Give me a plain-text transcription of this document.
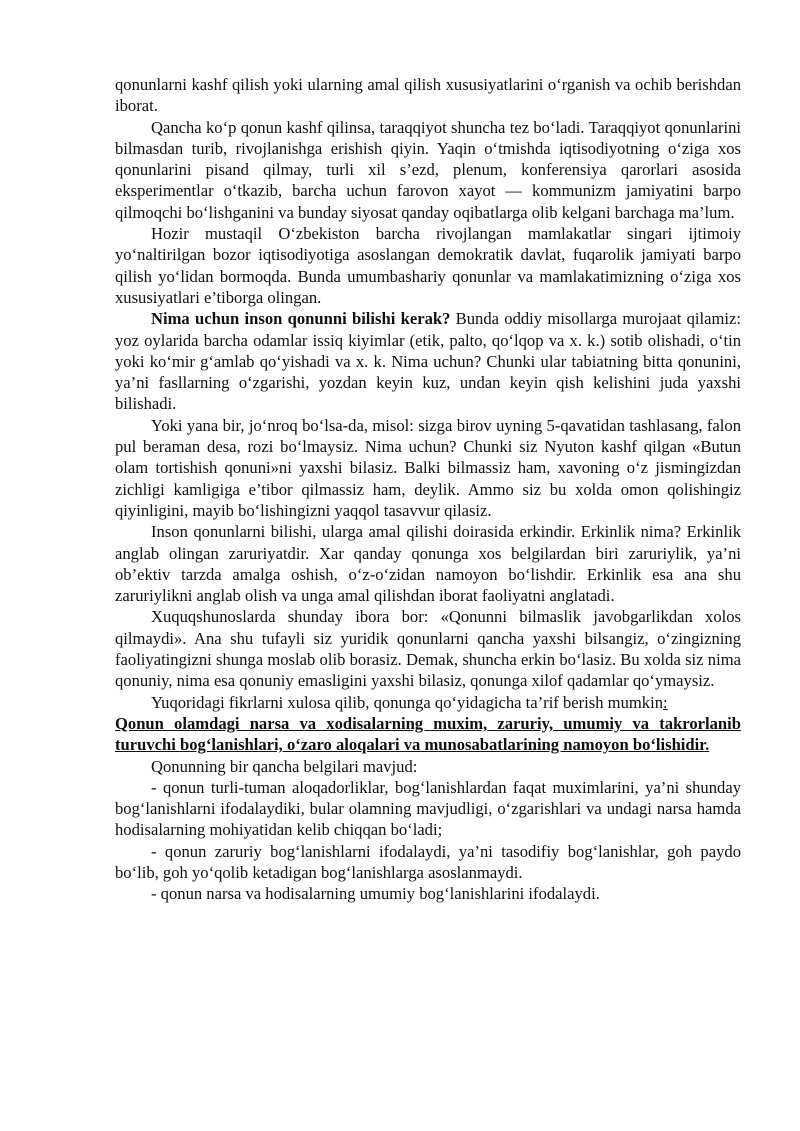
qonunlarni kashf qilish yoki ularning amal qilish xususiyatlarini o‘rganish va ochib berishdan iborat.

Qancha ko‘p qonun kashf qilinsa, taraqqiyot shuncha tez bo‘ladi. Taraqqiyot qonunlarini bilmasdan turib, rivojlanishga erishish qiyin. Yaqin o‘tmishda iqtisodiyotning o‘ziga xos qonunlarini pisand qilmay, turli xil s’ezd, plenum, konferensiya qarorlari asosida eksperimentlar o‘tkazib, barcha uchun farovon xayot — kommunizm jamiyatini barpo qilmoqchi bo‘lishganini va bunday siyosat qanday oqibatlarga olib kelgani barchaga ma’lum.

Hozir mustaqil O‘zbekiston barcha rivojlangan mamlakatlar singari ijtimoiy yo‘naltirilgan bozor iqtisodiyotiga asoslangan demokratik davlat, fuqarolik jamiyati barpo qilish yo‘lidan bormoqda. Bunda umumbashariy qonunlar va mamlakatimizning o‘ziga xos xususiyatlari e’tiborga olingan.

Nima uchun inson qonunni bilishi kerak? Bunda oddiy misollarga murojaat qilamiz: yoz oylarida barcha odamlar issiq kiyimlar (etik, palto, qo‘lqop va x. k.) sotib olishadi, o‘tin yoki ko‘mir g‘amlab qo‘yishadi va x. k. Nima uchun? Chunki ular tabiatning bitta qonunini, ya’ni fasllarning o‘zgarishi, yozdan keyin kuz, undan keyin qish kelishini juda yaxshi bilishadi.

Yoki yana bir, jo‘nroq bo‘lsa-da, misol: sizga birov uyning 5-qavatidan tashlasang, falon pul beraman desa, rozi bo‘lmaysiz. Nima uchun? Chunki siz Nyuton kashf qilgan «Butun olam tortishish qonuni»ni yaxshi bilasiz. Balki bilmassiz ham, xavoning o‘z jismingizdan zichligi kamligiga e’tibor qilmassiz ham, deylik. Ammo siz bu xolda omon qolishingiz qiyinligini, mayib bo‘lishingizni yaqqol tasavvur qilasiz.

Inson qonunlarni bilishi, ularga amal qilishi doirasida erkindir. Erkinlik nima? Erkinlik anglab olingan zaruriyatdir. Xar qanday qonunga xos belgilardan biri zaruriylik, ya’ni ob’ektiv tarzda amalga oshish, o‘z-o‘zidan namoyon bo‘lishdir. Erkinlik esa ana shu zaruriylikni anglab olish va unga amal qilishdan iborat faoliyatni anglatadi.

Xuquqshunoslarda shunday ibora bor: «Qonunni bilmaslik javobgarlikdan xolos qilmaydi». Ana shu tufayli siz yuridik qonunlarni qancha yaxshi bilsangiz, o‘zingizning faoliyatingizni shunga moslab olib borasiz. Demak, shuncha erkin bo‘lasiz. Bu xolda siz nima qonuniy, nima esa qonuniy emasligini yaxshi bilasiz, qonunga xilof qadamlar qo‘ymaysiz.

Yuqoridagi fikrlarni xulosa qilib, qonunga qo‘yidagicha ta’rif berish mumkin:

Qonun olamdagi narsa va xodisalarning muxim, zaruriy, umumiy va takrorlanib turuvchi bog‘lanishlari, o‘zaro aloqalari va munosabatlarining namoyon bo‘lishidir.

Qonunning bir qancha belgilari mavjud:

- qonun turli-tuman aloqadorliklar, bog‘lanishlardan faqat muximlarini, ya’ni shunday bog‘lanishlarni ifodalaydiki, bular olamning mavjudligi, o‘zgarishlari va undagi narsa hamda hodisalarning mohiyatidan kelib chiqqan bo‘ladi;

- qonun zaruriy bog‘lanishlarni ifodalaydi, ya’ni tasodifiy bog‘lanishlar, goh paydo bo‘lib, goh yo‘qolib ketadigan bog‘lanishlarga asoslanmaydi.

- qonun narsa va hodisalarning umumiy bog‘lanishlarini ifodalaydi.
